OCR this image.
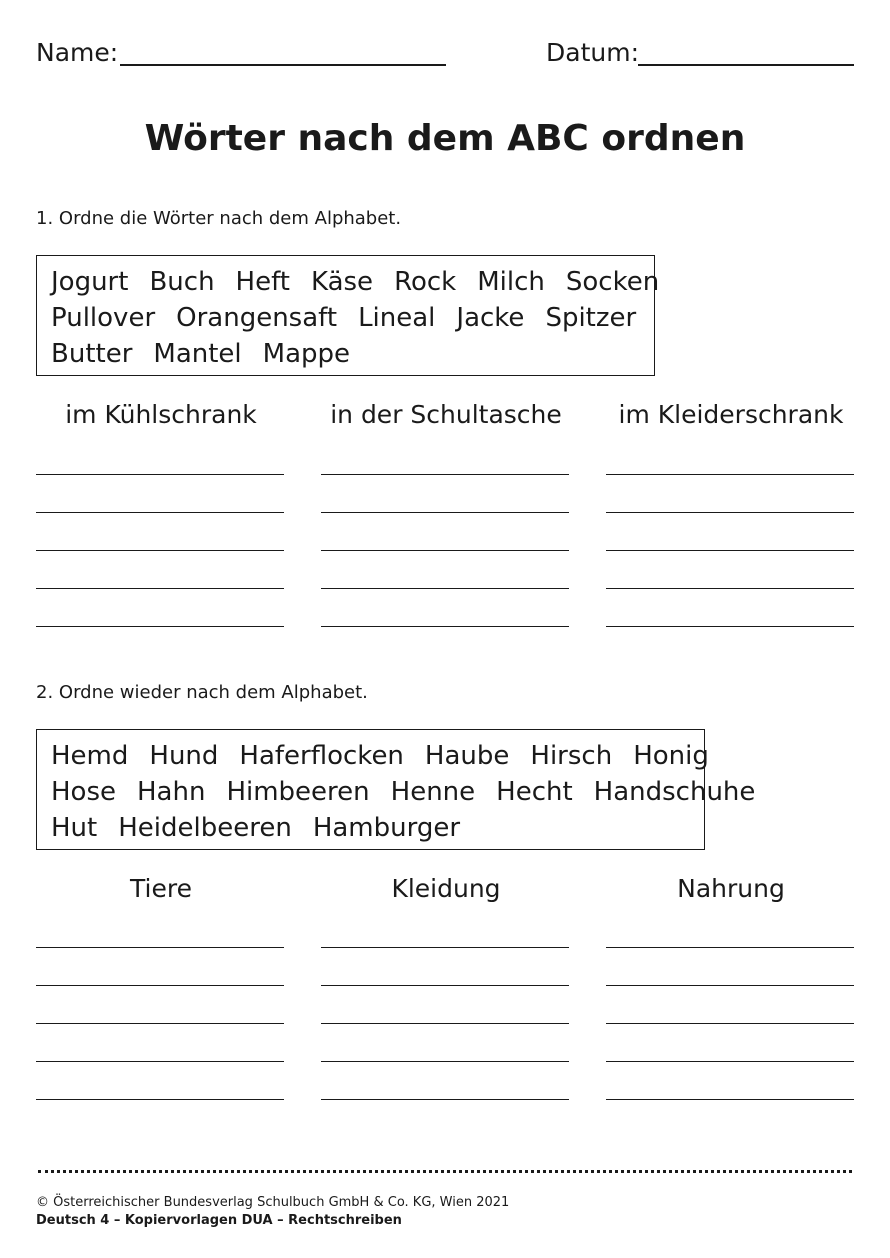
Name:	Datum:
Wörter nach dem ABC ordnen
1. Ordne die Wörter nach dem Alphabet.
Jogurt Buch Heft Käse Rock Milch Socken
Pullover Orangensaft Lineal Jacke Spitzer
Butter Mantel Mappe
im Kühlschrank	in der Schultasche	im Kleiderschrank
2. Ordne wieder nach dem Alphabet.
Hemd Hund Haferflocken Haube Hirsch Honig
Hose Hahn Himbeeren Henne Hecht Handschuhe
Hut Heidelbeeren Hamburger
Tiere	Kleidung	Nahrung
© Österreichischer Bundesverlag Schulbuch GmbH & Co. KG, Wien 2021
Deutsch 4 – Kopiervorlagen DUA – Rechtschreiben
